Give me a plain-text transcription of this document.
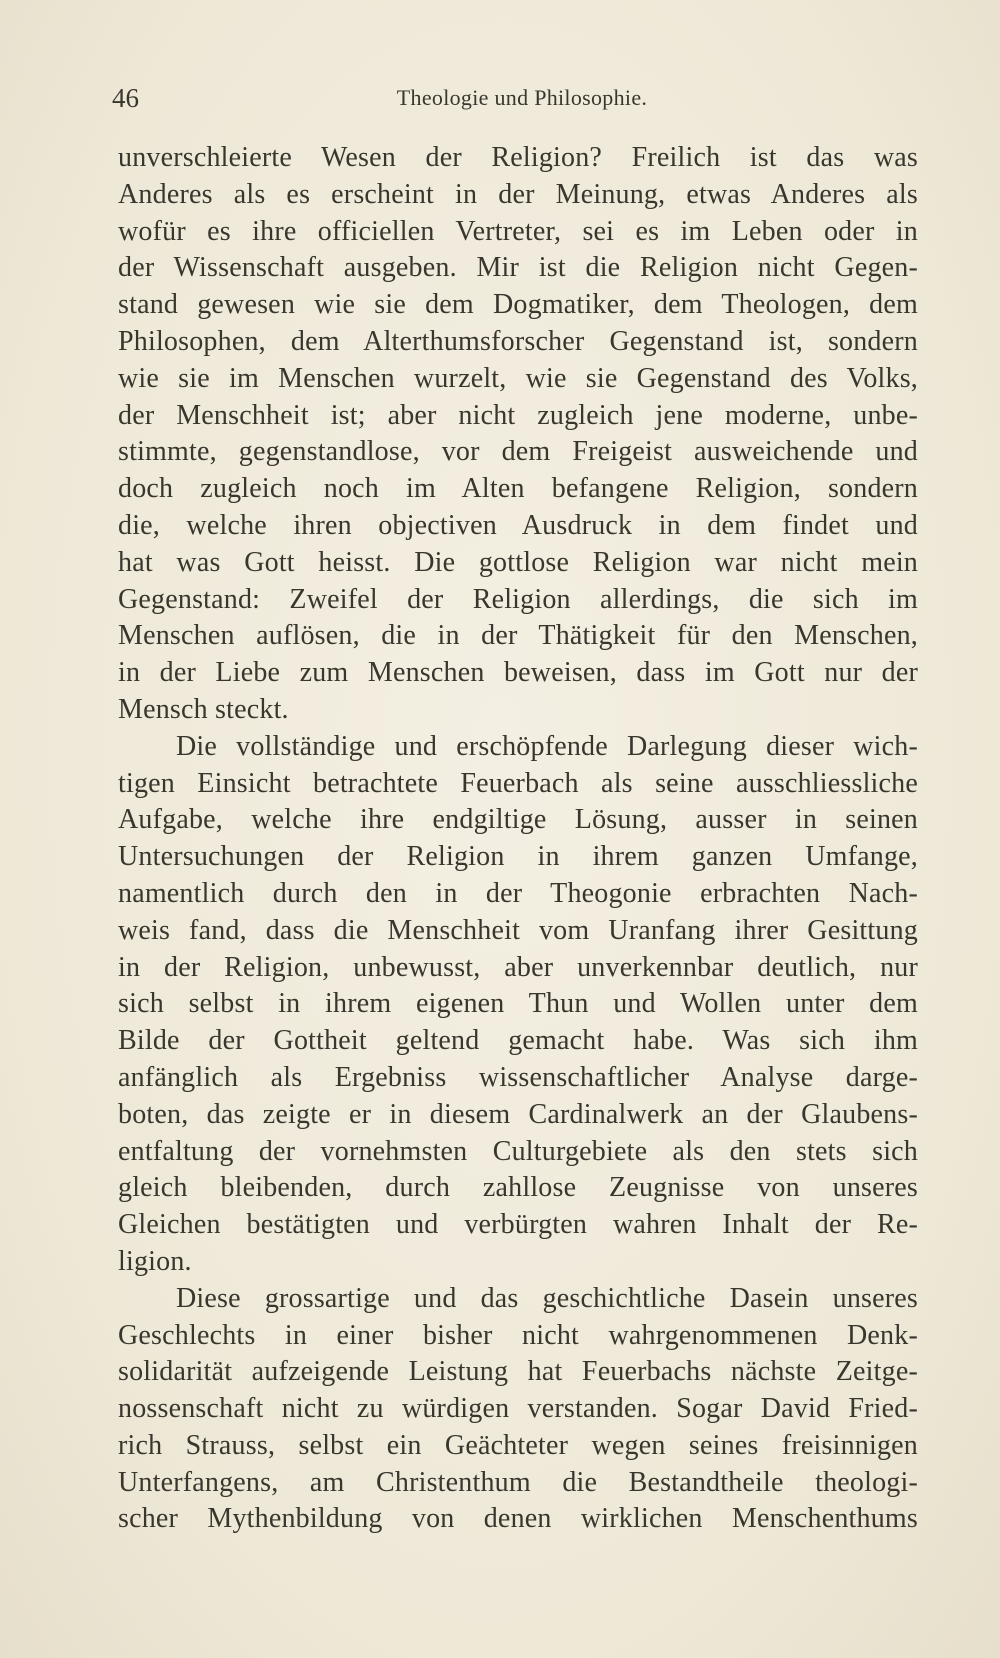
46	Theologie und Philosophie.
unverschleierte Wesen der Religion? Freilich ist das was
Anderes als es erscheint in der Meinung, etwas Anderes als
wofür es ihre officiellen Vertreter, sei es im Leben oder in
der Wissenschaft ausgeben. Mir ist die Religion nicht Gegen-
stand gewesen wie sie dem Dogmatiker, dem Theologen, dem
Philosophen, dem Alterthumsforscher Gegenstand ist, sondern
wie sie im Menschen wurzelt, wie sie Gegenstand des Volks,
der Menschheit ist; aber nicht zugleich jene moderne, unbe-
stimmte, gegenstandlose, vor dem Freigeist ausweichende und
doch zugleich noch im Alten befangene Religion, sondern
die, welche ihren objectiven Ausdruck in dem findet und
hat was Gott heisst. Die gottlose Religion war nicht mein
Gegenstand: Zweifel der Religion allerdings, die sich im
Menschen auflösen, die in der Thätigkeit für den Menschen,
in der Liebe zum Menschen beweisen, dass im Gott nur der
Mensch steckt.
Die vollständige und erschöpfende Darlegung dieser wich-
tigen Einsicht betrachtete Feuerbach als seine ausschliessliche
Aufgabe, welche ihre endgiltige Lösung, ausser in seinen
Untersuchungen der Religion in ihrem ganzen Umfange,
namentlich durch den in der Theogonie erbrachten Nach-
weis fand, dass die Menschheit vom Uranfang ihrer Gesittung
in der Religion, unbewusst, aber unverkennbar deutlich, nur
sich selbst in ihrem eigenen Thun und Wollen unter dem
Bilde der Gottheit geltend gemacht habe. Was sich ihm
anfänglich als Ergebniss wissenschaftlicher Analyse darge-
boten, das zeigte er in diesem Cardinalwerk an der Glaubens-
entfaltung der vornehmsten Culturgebiete als den stets sich
gleich bleibenden, durch zahllose Zeugnisse von unseres
Gleichen bestätigten und verbürgten wahren Inhalt der Re-
ligion.
Diese grossartige und das geschichtliche Dasein unseres
Geschlechts in einer bisher nicht wahrgenommenen Denk-
solidarität aufzeigende Leistung hat Feuerbachs nächste Zeitge-
nossenschaft nicht zu würdigen verstanden. Sogar David Fried-
rich Strauss, selbst ein Geächteter wegen seines freisinnigen
Unterfangens, am Christenthum die Bestandtheile theologi-
scher Mythenbildung von denen wirklichen Menschenthums
